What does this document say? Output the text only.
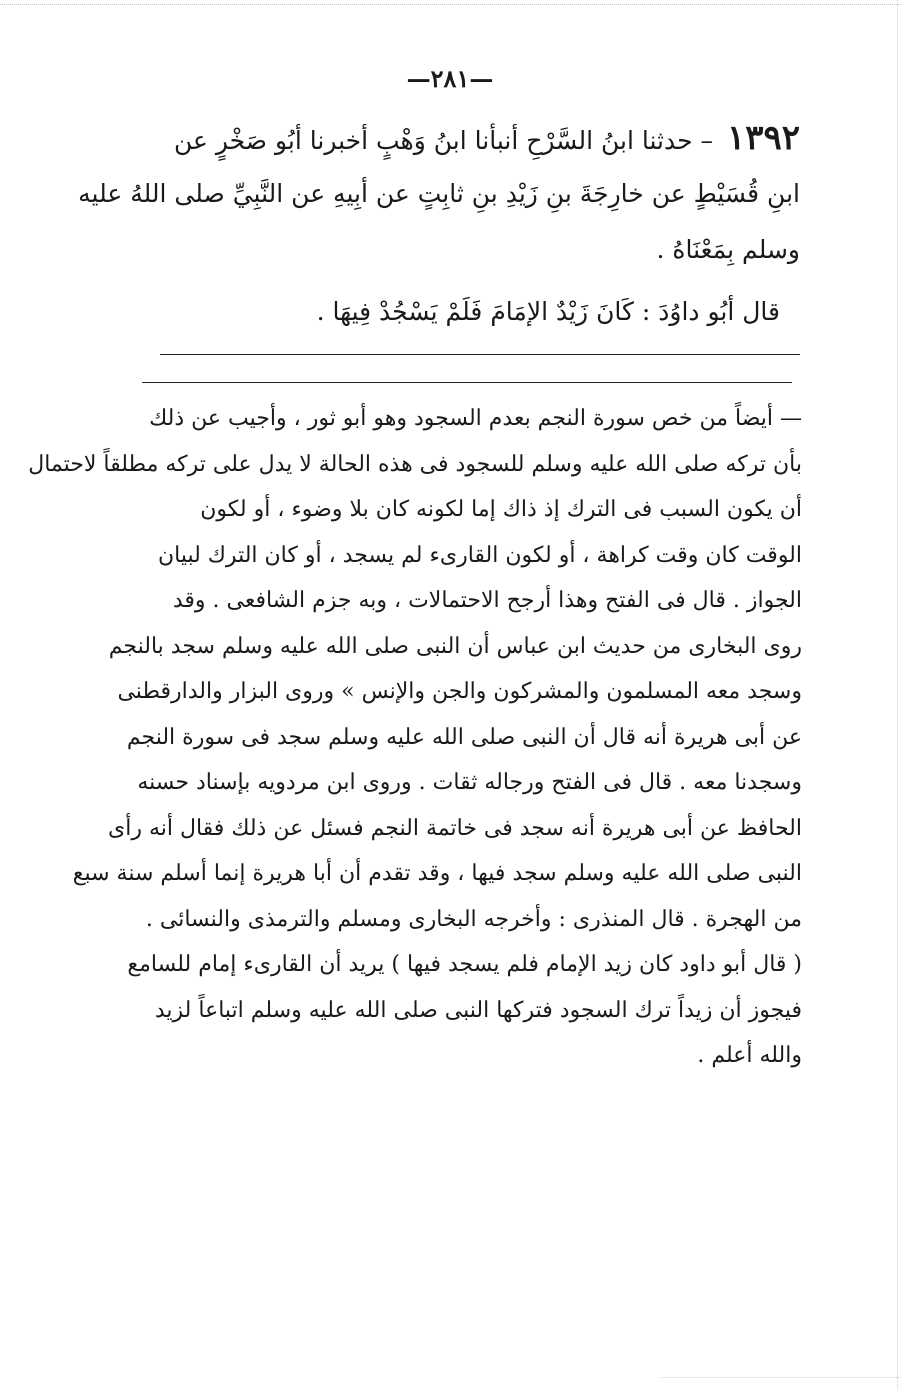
—٢٨١—
١٣٩٢ – حدثنا ابنُ السَّرْحِ أنبأنا ابنُ وَهْبٍ أخبرنا أبُو صَخْرٍ عن
ابنِ قُسَيْطٍ عن خارِجَةَ بنِ زَيْدِ بنِ ثابِتٍ عن أبِيهِ عن النَّبِيِّ صلى اللهُ عليه
وسلم بِمَعْنَاهُ .
قال أبُو داوُدَ : كَانَ زَيْدٌ الإمَامَ فَلَمْ يَسْجُدْ فِيهَا .
— أيضاً من خص سورة النجم بعدم السجود وهو أبو ثور ، وأجيب عن ذلك
بأن تركه صلى الله عليه وسلم للسجود فى هذه الحالة لا يدل على تركه مطلقاً لاحتمال
أن يكون السبب فى الترك إذ ذاك إما لكونه كان بلا وضوء ، أو لكون
الوقت كان وقت كراهة ، أو لكون القارىء لم يسجد ، أو كان الترك لبيان
الجواز . قال فى الفتح وهذا أرجح الاحتمالات ، وبه جزم الشافعى . وقد
روى البخارى من حديث ابن عباس أن النبى صلى الله عليه وسلم سجد بالنجم
وسجد معه المسلمون والمشركون والجن والإنس » وروى البزار والدارقطنى
عن أبى هريرة أنه قال أن النبى صلى الله عليه وسلم سجد فى سورة النجم
وسجدنا معه . قال فى الفتح ورجاله ثقات . وروى ابن مردويه بإسناد حسنه
الحافظ عن أبى هريرة أنه سجد فى خاتمة النجم فسئل عن ذلك فقال أنه رأى
النبى صلى الله عليه وسلم سجد فيها ، وقد تقدم أن أبا هريرة إنما أسلم سنة سبع
من الهجرة . قال المنذرى : وأخرجه البخارى ومسلم والترمذى والنسائى .
( قال أبو داود كان زيد الإمام فلم يسجد فيها ) يريد أن القارىء إمام للسامع
فيجوز أن زيداً ترك السجود فتركها النبى صلى الله عليه وسلم اتباعاً لزيد
والله أعلم .
